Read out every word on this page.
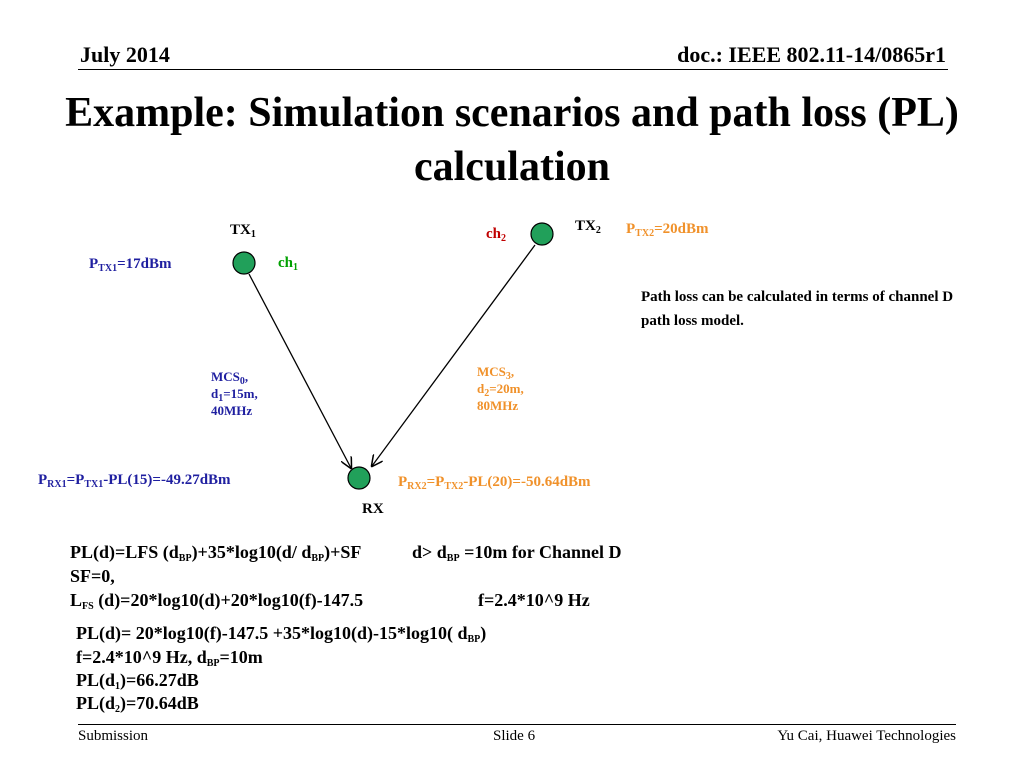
July 2014	doc.: IEEE 802.11-14/0865r1
Example: Simulation scenarios and path loss (PL) calculation
$TX_1$
$TX_2$
RX
$P_{TX1}=17dBm$
$P_{TX2}=20dBm$
$ch_1$
$ch_2$
$MCS_0$,
$d_1=15m$,
40MHz
$MCS_3$,
$d_2=20m$,
80MHz
$P_{RX1}=P_{TX1}-PL(15)=-49.27dBm$	$P_{RX2}=P_{TX2}-PL(20)=-50.64dBm$
Path loss can be calculated in terms of channel D path loss model.
PL(d)=LFS $(d_{BP})+35*\log 10(d/$ $d_{BP})+SF$	$d> d_{BP} =10m$ for Channel D
SF=0,
$L_{FS}$ (d)=20*log10(d)+20*log10(f)-147.5	f=2.4*10^9 Hz
PL(d)= 20*log10(f)-147.5 +35*log10(d)-15*log10( $d_{BP}$)
f=2.4*10^9 Hz, $d_{BP}=10m$
$PL(d_1)=66.27dB$
$PL(d_2)=70.64dB$
Submission	Slide 6	Yu Cai, Huawei Technologies
